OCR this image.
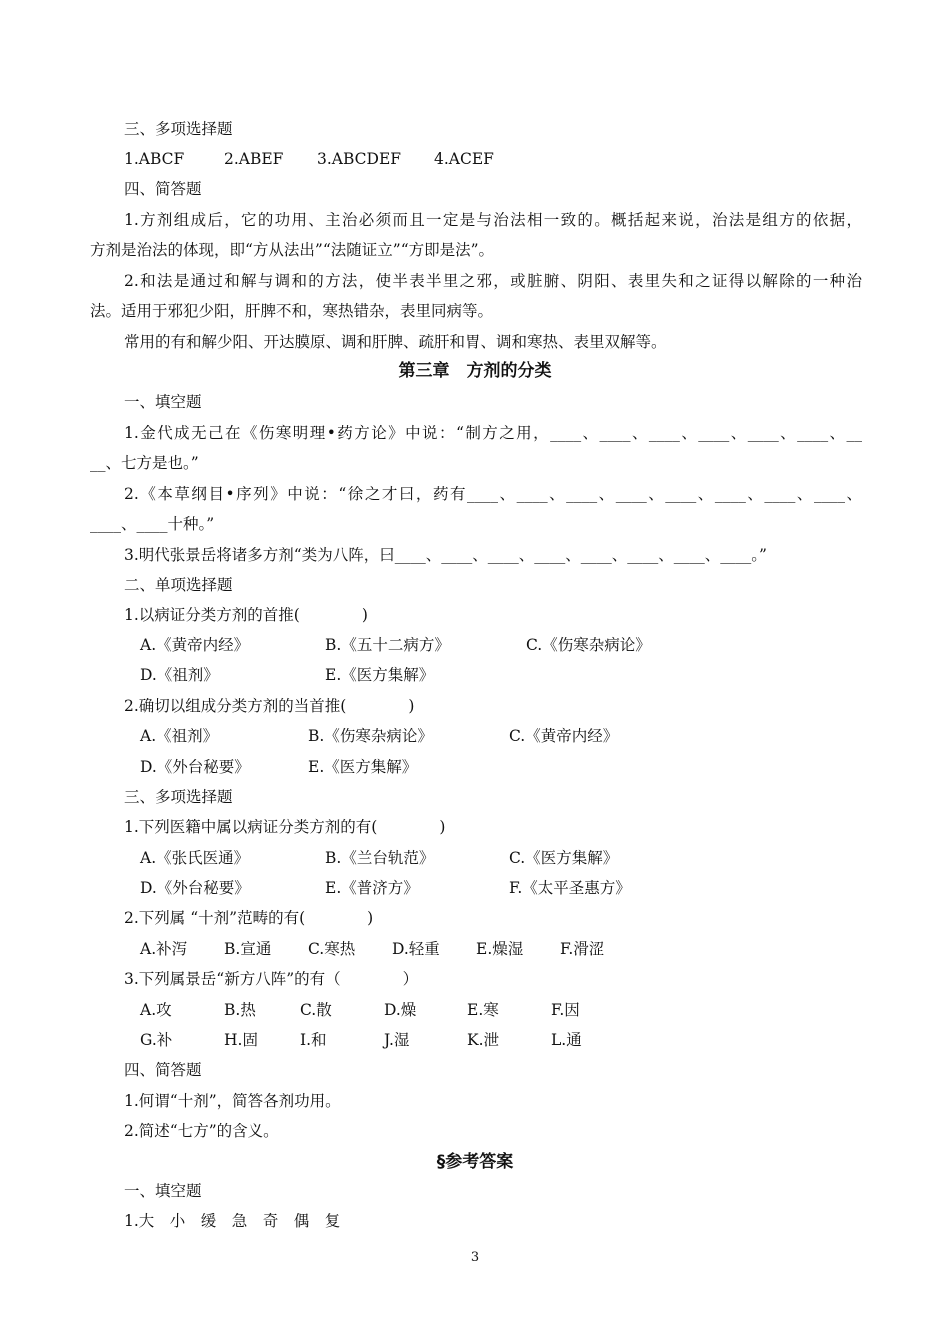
三、多项选择题
1.ABCF	2.ABEF 3.ABCDEF 4.ACEF
四、简答题
1.方剂组成后，它的功用、主治必须而且一定是与治法相一致的。概括起来说，治法是组方的依据，
方剂是治法的体现，即“方从法出”“法随证立”“方即是法”。
2.和法是通过和解与调和的方法，使半表半里之邪，或脏腑、阴阳、表里失和之证得以解除的一种治
法。适用于邪犯少阳，肝脾不和，寒热错杂，表里同病等。
常用的有和解少阳、开达膜原、调和肝脾、疏肝和胃、调和寒热、表里双解等。
第三章　方剂的分类
一、填空题
1.金代成无己在《伤寒明理•药方论》中说：“制方之用，____、____、____、____、____、____、__
__、七方是也。”
2.《本草纲目•序列》中说：“徐之才曰，药有____、____、____、____、____、____、____、____、
____、____十种。”
3.明代张景岳将诸多方剂“类为八阵，曰____、____、____、____、____、____、____、____。”
二、单项选择题
1.以病证分类方剂的首推(　　　　)
A.《黄帝内经》	B.《五十二病方》	C.《伤寒杂病论》
D.《祖剂》	E.《医方集解》
2.确切以组成分类方剂的当首推(　　　　)
A.《祖剂》	B.《伤寒杂病论》	C.《黄帝内经》
D.《外台秘要》	E.《医方集解》
三、多项选择题
1.下列医籍中属以病证分类方剂的有(　　　　)
A.《张氏医通》	B.《兰台轨范》	C.《医方集解》
D.《外台秘要》	E.《普济方》	F.《太平圣惠方》
2.下列属 “十剂”范畴的有(　　　　)
A.补泻 B.宣通 C.寒热 D.轻重 E.燥湿 F.滑涩
3.下列属景岳“新方八阵”的有（　　　　）
A.攻	B.热	C.散	D.燥	E.寒	F.因
G.补	H.固	I.和	J.湿	K.泄	L.通
四、简答题
1.何谓“十剂”，简答各剂功用。
2.简述“七方”的含义。
§参考答案
一、填空题
1.大　小　缓　急　奇　偶　复
3
